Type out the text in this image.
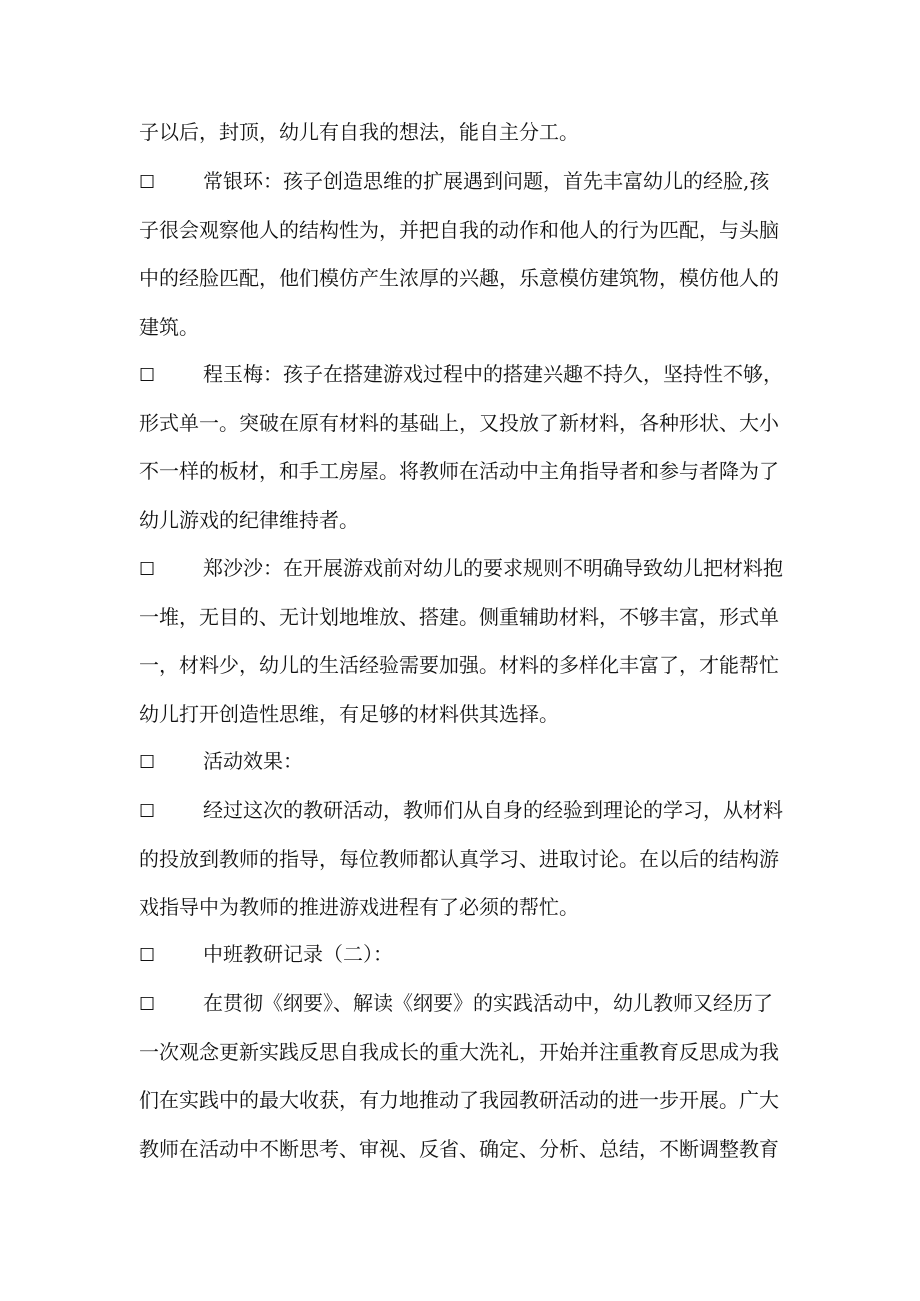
子以后，封顶，幼儿有自我的想法，能自主分工。
☐ 常银环：孩子创造思维的扩展遇到问题，首先丰富幼儿的经脸,孩
子很会观察他人的结构性为，并把自我的动作和他人的行为匹配，与头脑
中的经脸匹配，他们模仿产生浓厚的兴趣，乐意模仿建筑物，模仿他人的
建筑。
☐ 程玉梅：孩子在搭建游戏过程中的搭建兴趣不持久，坚持性不够，
形式单一。突破在原有材料的基础上，又投放了新材料，各种形状、大小
不一样的板材，和手工房屋。将教师在活动中主角指导者和参与者降为了
幼儿游戏的纪律维持者。
☐ 郑沙沙：在开展游戏前对幼儿的要求规则不明确导致幼儿把材料抱
一堆，无目的、无计划地堆放、搭建。侧重辅助材料，不够丰富，形式单
一，材料少，幼儿的生活经验需要加强。材料的多样化丰富了，才能帮忙
幼儿打开创造性思维，有足够的材料供其选择。
☐ 活动效果：
☐ 经过这次的教研活动，教师们从自身的经验到理论的学习，从材料
的投放到教师的指导，每位教师都认真学习、进取讨论。在以后的结构游
戏指导中为教师的推进游戏进程有了必须的帮忙。
☐ 中班教研记录（二）：
☐ 在贯彻《纲要》、解读《纲要》的实践活动中，幼儿教师又经历了
一次观念更新实践反思自我成长的重大洗礼，开始并注重教育反思成为我
们在实践中的最大收获，有力地推动了我园教研活动的进一步开展。广大
教师在活动中不断思考、审视、反省、确定、分析、总结，不断调整教育
